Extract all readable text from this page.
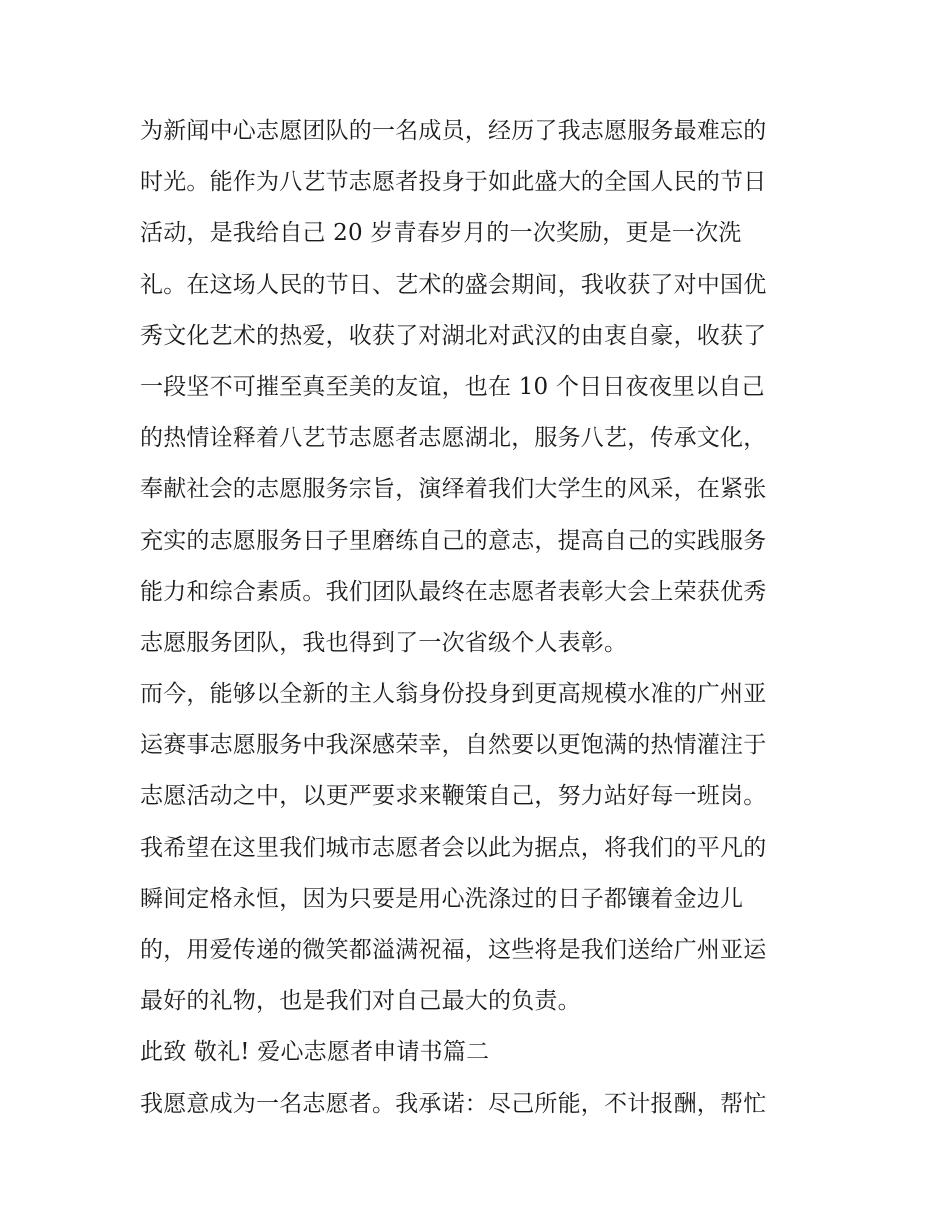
为新闻中心志愿团队的一名成员，经历了我志愿服务最难忘的
时光。能作为八艺节志愿者投身于如此盛大的全国人民的节日
活动，是我给自己 20 岁青春岁月的一次奖励，更是一次洗
礼。在这场人民的节日、艺术的盛会期间，我收获了对中国优
秀文化艺术的热爱，收获了对湖北对武汉的由衷自豪，收获了
一段坚不可摧至真至美的友谊，也在 10 个日日夜夜里以自己
的热情诠释着八艺节志愿者志愿湖北，服务八艺，传承文化，
奉献社会的志愿服务宗旨，演绎着我们大学生的风采，在紧张
充实的志愿服务日子里磨练自己的意志，提高自己的实践服务
能力和综合素质。我们团队最终在志愿者表彰大会上荣获优秀
志愿服务团队，我也得到了一次省级个人表彰。
而今，能够以全新的主人翁身份投身到更高规模水准的广州亚
运赛事志愿服务中我深感荣幸，自然要以更饱满的热情灌注于
志愿活动之中，以更严要求来鞭策自己，努力站好每一班岗。
我希望在这里我们城市志愿者会以此为据点，将我们的平凡的
瞬间定格永恒，因为只要是用心洗涤过的日子都镶着金边儿
的，用爱传递的微笑都溢满祝福，这些将是我们送给广州亚运
最好的礼物，也是我们对自己最大的负责。
此致 敬礼! 爱心志愿者申请书篇二
我愿意成为一名志愿者。我承诺：尽己所能，不计报酬，帮忙
